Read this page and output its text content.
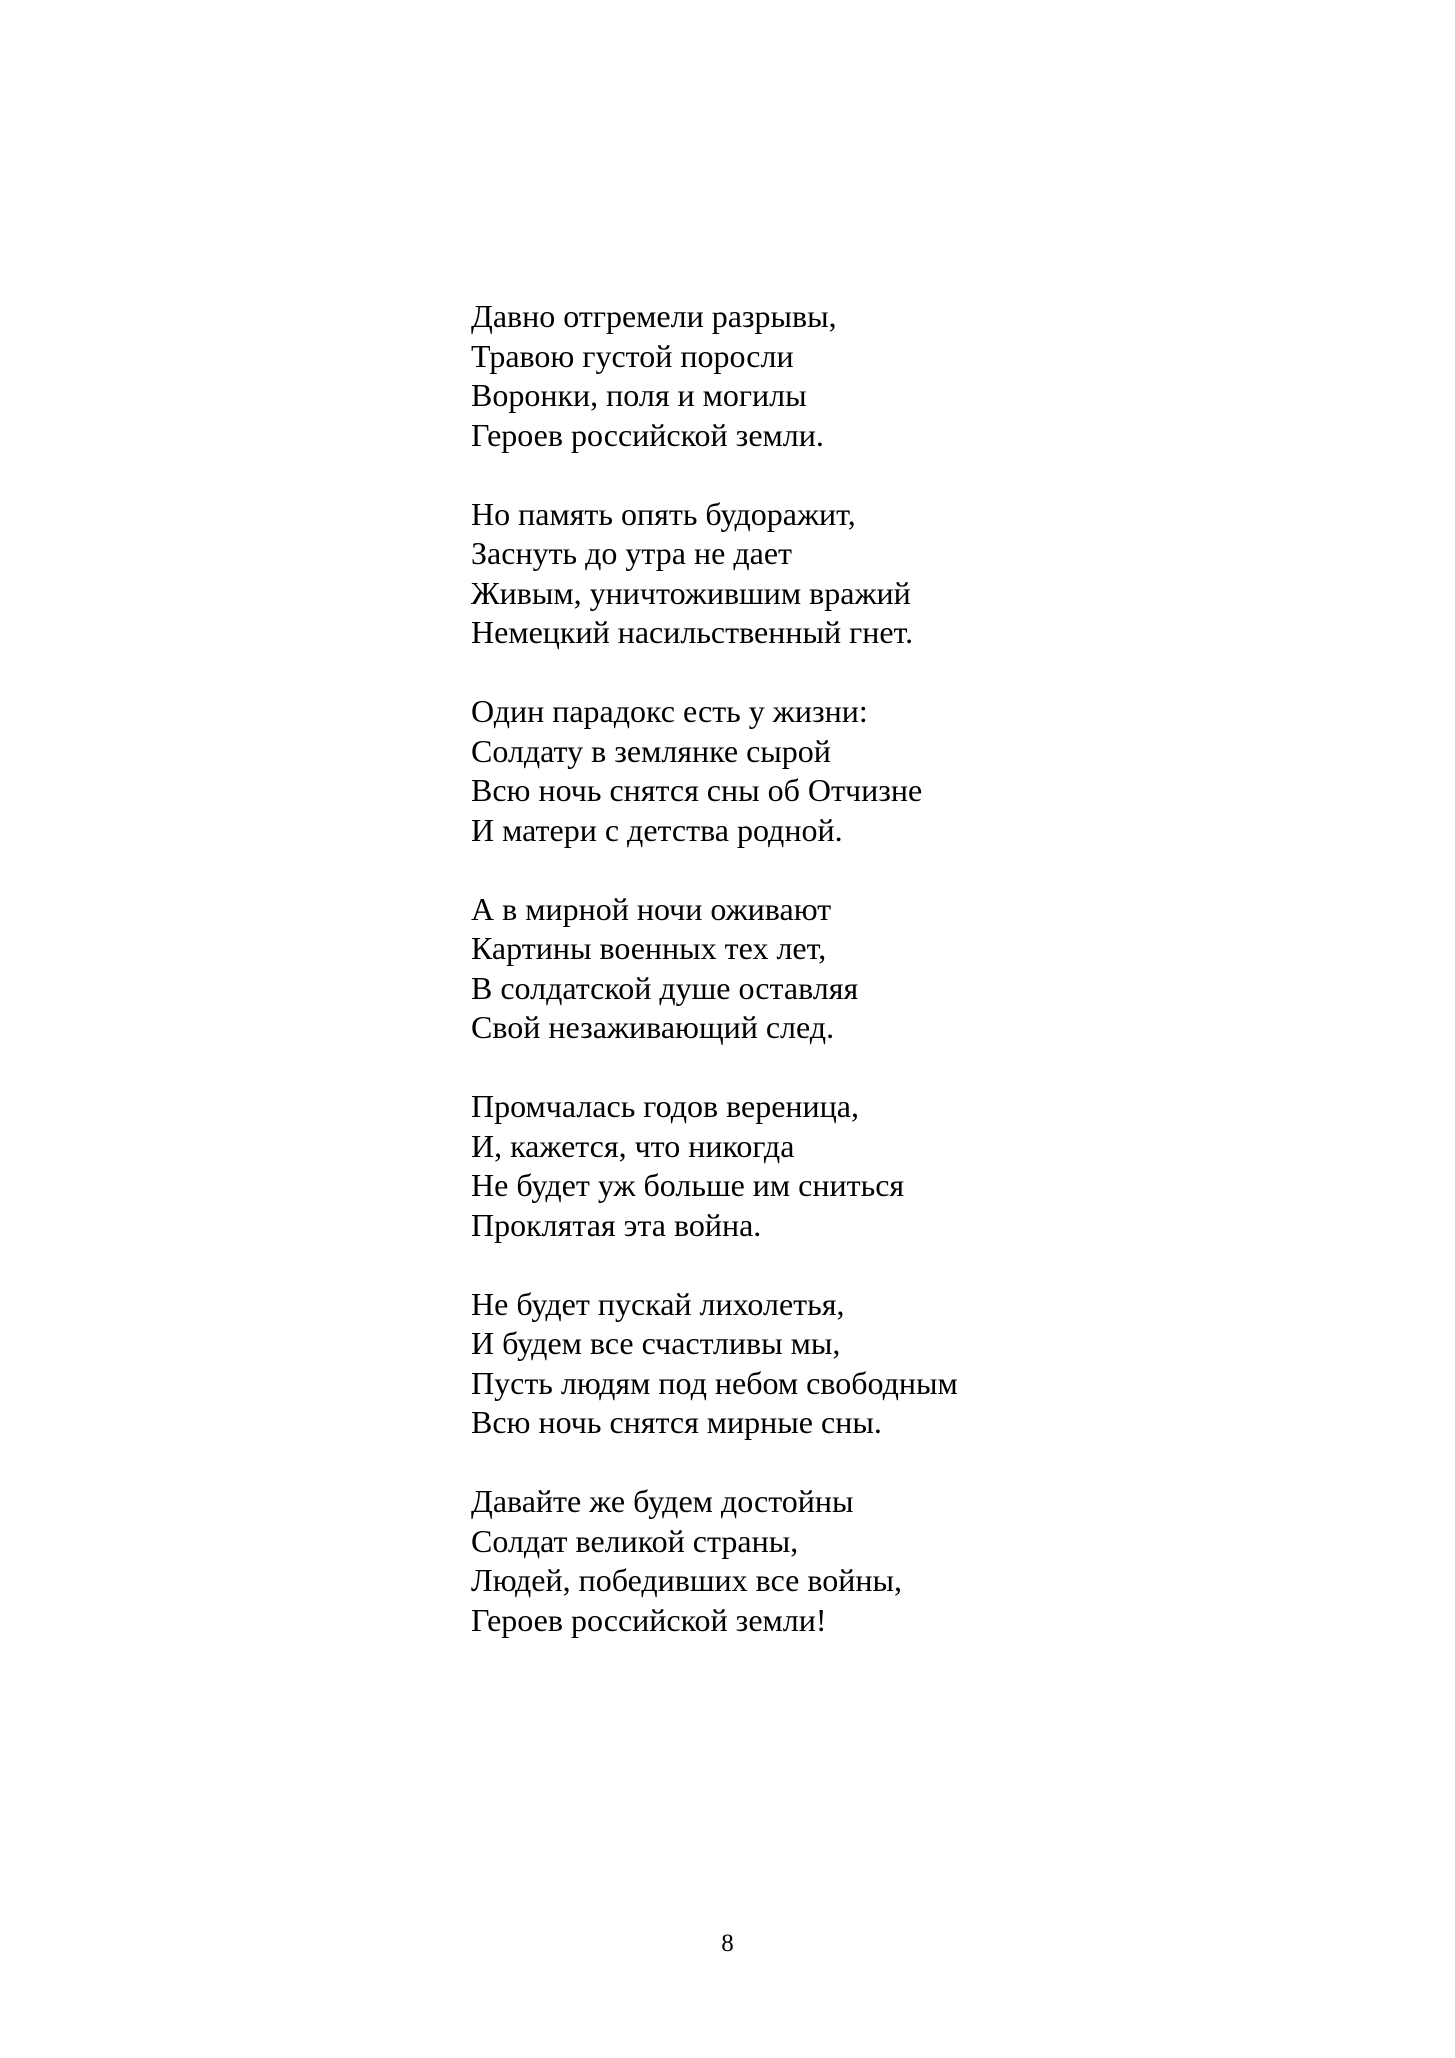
Давно отгремели разрывы,
Травою густой поросли
Воронки, поля и могилы
Героев российской земли.
Но память опять будоражит,
Заснуть до утра не дает
Живым, уничтожившим вражий
Немецкий насильственный гнет.
Один парадокс есть у жизни:
Солдату в землянке сырой
Всю ночь снятся сны об Отчизне
И матери с детства родной.
А в мирной ночи оживают
Картины военных тех лет,
В солдатской душе оставляя
Свой незаживающий след.
Промчалась годов вереница,
И, кажется, что никогда
Не будет уж больше им сниться
Проклятая эта война.
Не будет пускай лихолетья,
И будем все счастливы мы,
Пусть людям под небом свободным
Всю ночь снятся мирные сны.
Давайте же будем достойны
Солдат великой страны,
Людей, победивших все войны,
Героев российской земли!
8
